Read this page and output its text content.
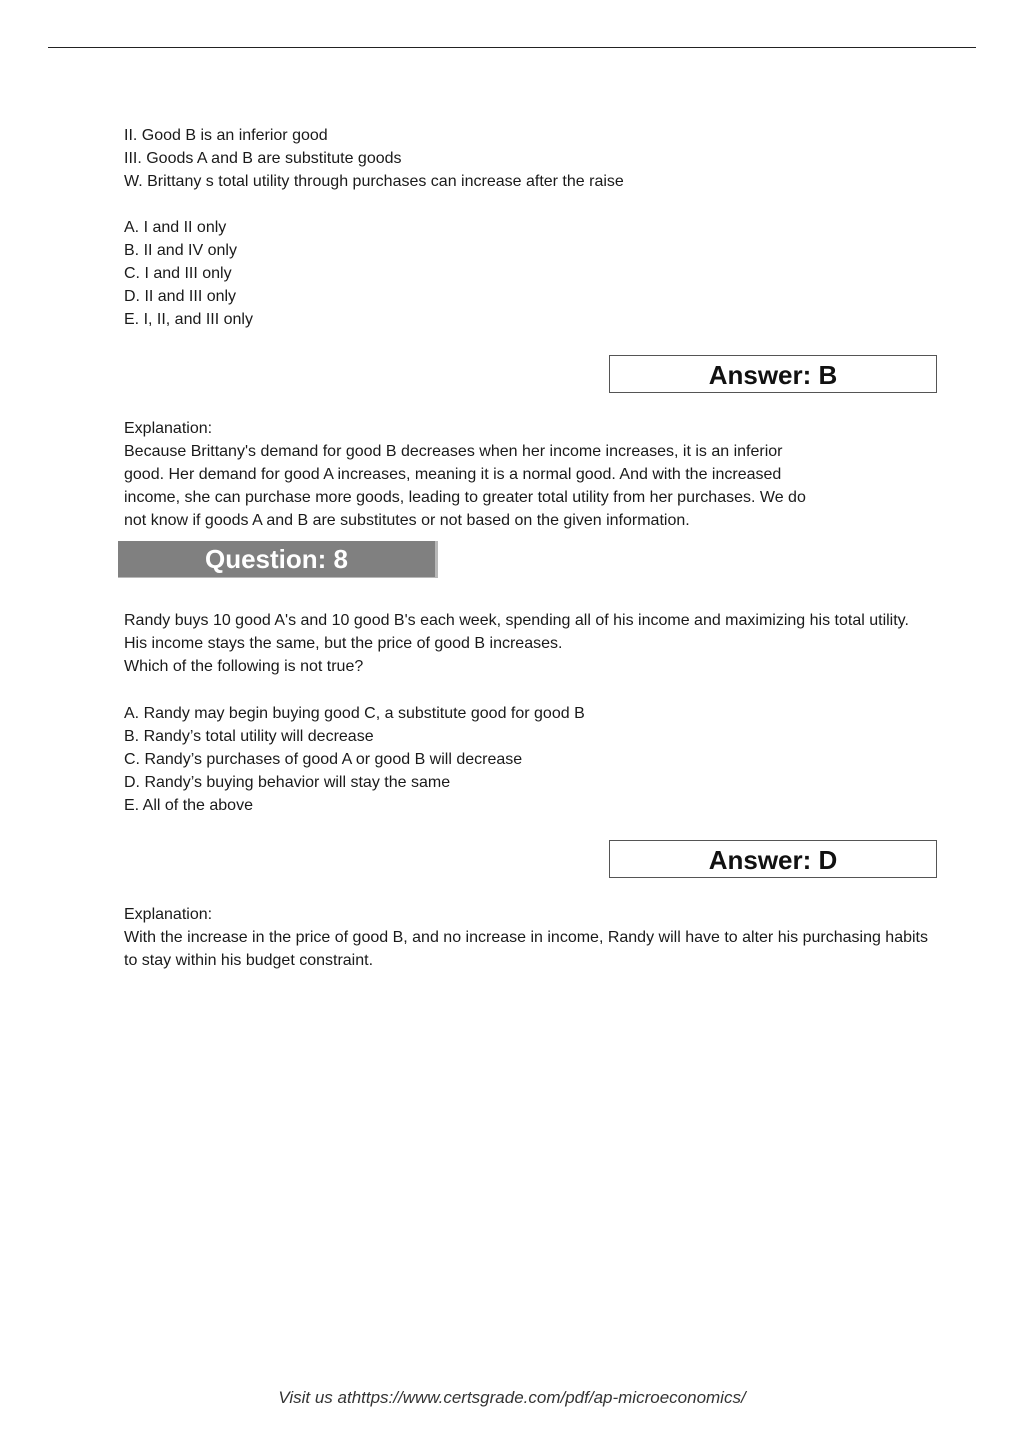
II. Good B is an inferior good
III. Goods A and B are substitute goods
W. Brittany s total utility through purchases can increase after the raise
A. I and II only
B. II and IV only
C. I and III only
D. II and III only
E. I, II, and III only
Answer: B
Explanation:
Because Brittany's demand for good B decreases when her income increases, it is an inferior
good. Her demand for good A increases, meaning it is a normal good. And with the increased
income, she can purchase more goods, leading to greater total utility from her purchases. We do
not know if goods A and B are substitutes or not based on the given information.
Question: 8
Randy buys 10 good A's and 10 good B's each week, spending all of his income and maximizing his total utility. His income stays the same, but the price of good B increases.
Which of the following is not true?
A. Randy may begin buying good C, a substitute good for good B
B. Randy’s total utility will decrease
C. Randy’s purchases of good A or good B will decrease
D. Randy’s buying behavior will stay the same
E. All of the above
Answer: D
Explanation:

With the increase in the price of good B, and no increase in income, Randy will have to alter his purchasing habits to stay within his budget constraint.

Visit us athttps://www.certsgrade.com/pdf/ap-microeconomics/
